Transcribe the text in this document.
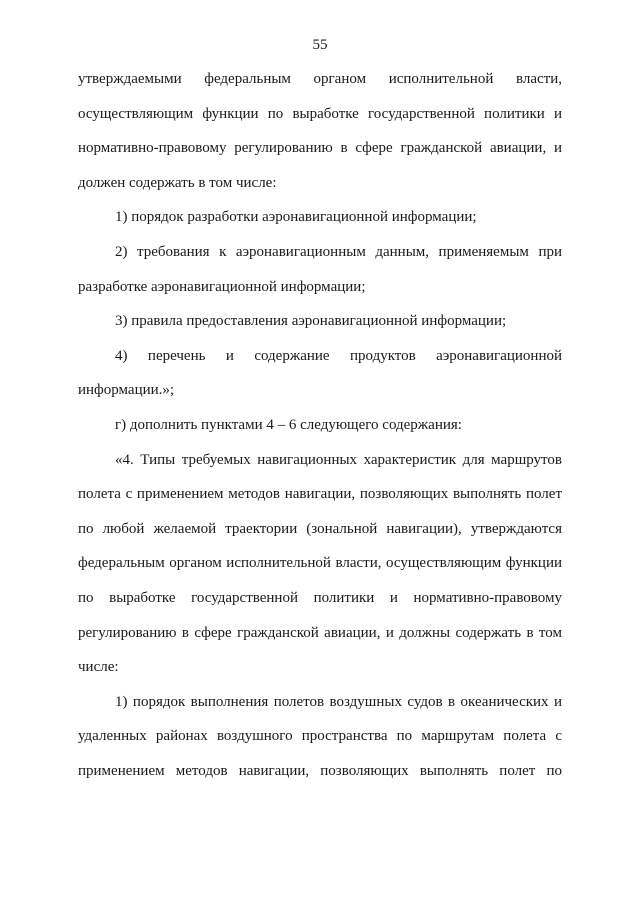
55

утверждаемыми федеральным органом исполнительной власти, осуществляющим функции по выработке государственной политики и нормативно-правовому регулированию в сфере гражданской авиации, и должен содержать в том числе:

1) порядок разработки аэронавигационной информации;

2) требования к аэронавигационным данным, применяемым при разработке аэронавигационной информации;

3) правила предоставления аэронавигационной информации;

4) перечень и содержание продуктов аэронавигационной информации.»;

г) дополнить пунктами 4 – 6 следующего содержания:

«4. Типы требуемых навигационных характеристик для маршрутов полета с применением методов навигации, позволяющих выполнять полет по любой желаемой траектории (зональной навигации), утверждаются федеральным органом исполнительной власти, осуществляющим функции по выработке государственной политики и нормативно-правовому регулированию в сфере гражданской авиации, и должны содержать в том числе:

1) порядок выполнения полетов воздушных судов в океанических и удаленных районах воздушного пространства по маршрутам полета с применением методов навигации, позволяющих выполнять полет по
